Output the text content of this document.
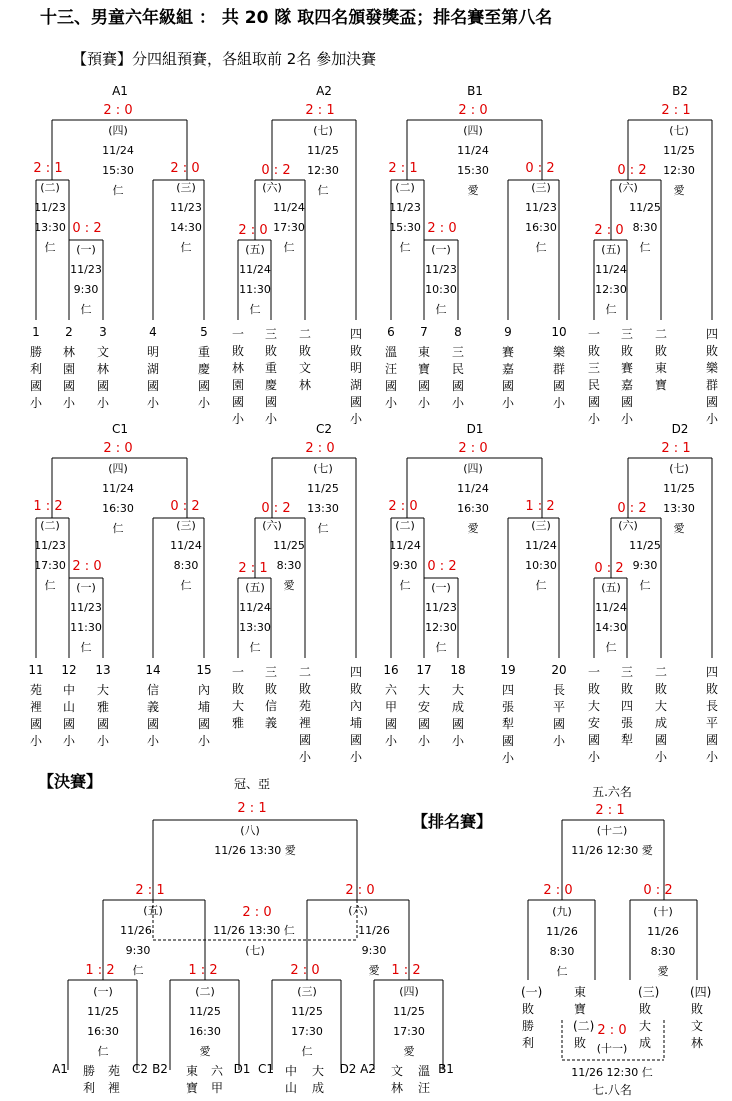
十三、男童六年級組 ： 共 20 隊 取四名頒發獎盃；排名賽至第八名
【預賽】分四組預賽，各組取前 2名 參加決賽
【決賽】
【排名賽】
A1
2 : 0
(四)
11/24
15:30
仁
2 : 1	2 : 0
(二)
11/23
13:30
仁
(三)
11/23
14:30
仁
0 : 2
(一)
11/23
9:30
仁
1
勝利國小
2
林園國小
3
文林國小
4
明湖國小
5
重慶國小
B1
2 : 0
(四)
11/24
15:30
愛
2 : 1	0 : 2
(二)
11/23
15:30
仁
(三)
11/23
16:30
仁
2 : 0
(一)
11/23
10:30
仁
6
溫汪國小
7
東寶國小
8
三民國小
9
賽嘉國小
10
樂群國小
C1
2 : 0
(四)
11/24
16:30
仁
1 : 2	0 : 2
(二)
11/23
17:30
仁
(三)
11/24
8:30
仁
2 : 0
(一)
11/23
11:30
仁
11
苑裡國小
12
中山國小
13
大雅國小
14
信義國小
15
內埔國小
D1
2 : 0
(四)
11/24
16:30
愛
2 : 0	1 : 2
(二)
11/24
9:30
仁
(三)
11/24
10:30
仁
0 : 2
(一)
11/23
12:30
仁
16
六甲國小
17
大安國小
18
大成國小
19
四張犁國小
20
長平國小
A2
2 : 1
(七)
11/25
12:30
仁
0 : 2
(六)
11/24
17:30
仁
2 : 0
(五)
11/24
11:30
仁
一敗林園國小
三敗重慶國小
二敗文林
四敗明湖國小
B2
2 : 1
(七)
11/25
12:30
愛
0 : 2
(六)
11/25
8:30
仁
2 : 0
(五)
11/24
12:30
仁
一敗三民國小
三敗賽嘉國小
二敗東寶
四敗樂群國小
C2
2 : 0
(七)
11/25
13:30
仁
0 : 2
(六)
11/25
8:30
愛
2 : 1
(五)
11/24
13:30
仁
一敗大雅
三敗信義
二敗苑裡國小
四敗內埔國小
D2
2 : 1
(七)
11/25
13:30
愛
0 : 2
(六)
11/25
9:30
仁
0 : 2
(五)
11/24
14:30
仁
一敗大安國小
三敗四張犁
二敗大成國小
四敗長平國小
冠、亞
2 : 1
(八)
11/26 13:30 愛
2 : 1	2 : 0
(五)	(六)
11/26
9:30
仁
11/26
9:30
愛
2 : 0
11/26 13:30 仁
(七)
1 : 2	1 : 2	2 : 0	1 : 2
(一)
11/25
16:30
仁
(二)
11/25
16:30
愛
(三)
11/25
17:30
仁
(四)
11/25
17:30
愛
A1	C2 B2	D1 C1	D2 A2	B1
勝利
苑裡
東寶
六甲
中山
大成
文林
溫汪
五.六名
2 : 1
(十二)
11/26 12:30 愛
2 : 0	0 : 2
(九)
11/26
8:30
仁
(十)
11/26
8:30
愛
(一)敗勝利
東寶(二)敗
(三)敗大成
(四)敗文林
2 : 0
(十一)
11/26 12:30 仁
七.八名
